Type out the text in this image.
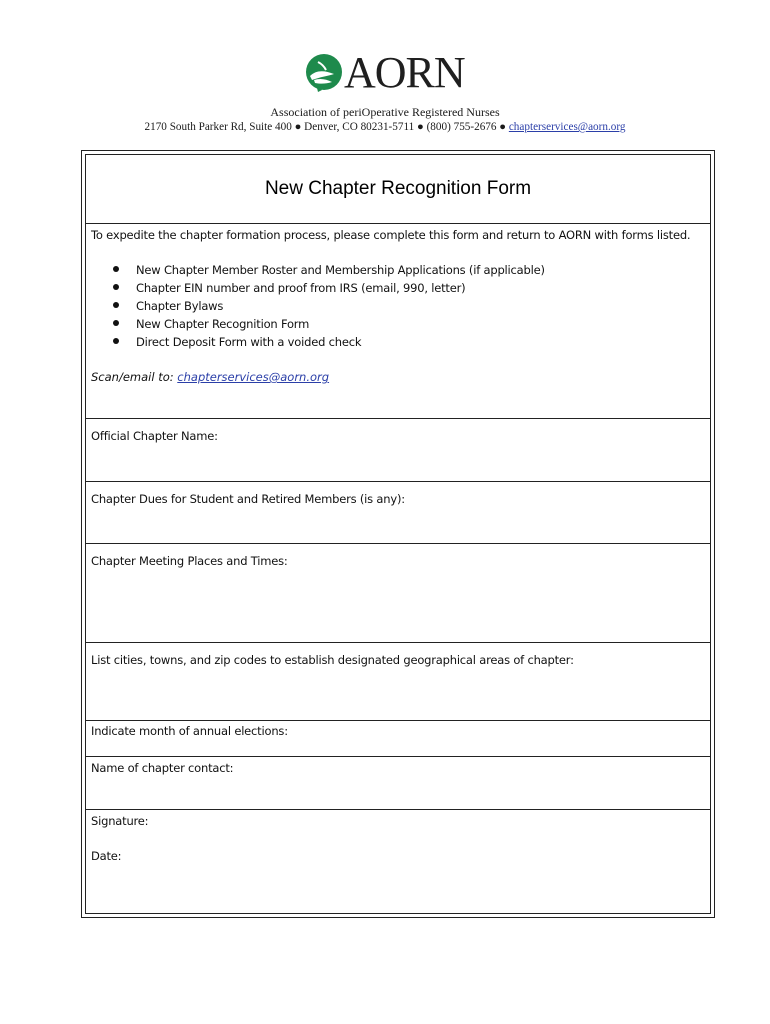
AORN
Association of periOperative Registered Nurses
2170 South Parker Rd, Suite 400 ● Denver, CO 80231-5711 ● (800) 755-2676 ● chapterservices@aorn.org
New Chapter Recognition Form
To expedite the chapter formation process, please complete this form and return to AORN with forms listed.
New Chapter Member Roster and Membership Applications (if applicable)
Chapter EIN number and proof from IRS (email, 990, letter)
Chapter Bylaws
New Chapter Recognition Form
Direct Deposit Form with a voided check
Scan/email to: chapterservices@aorn.org
Official Chapter Name:
Chapter Dues for Student and Retired Members (is any):
Chapter Meeting Places and Times:
List cities, towns, and zip codes to establish designated geographical areas of chapter:
Indicate month of annual elections:
Name of chapter contact:
Signature:
Date:
